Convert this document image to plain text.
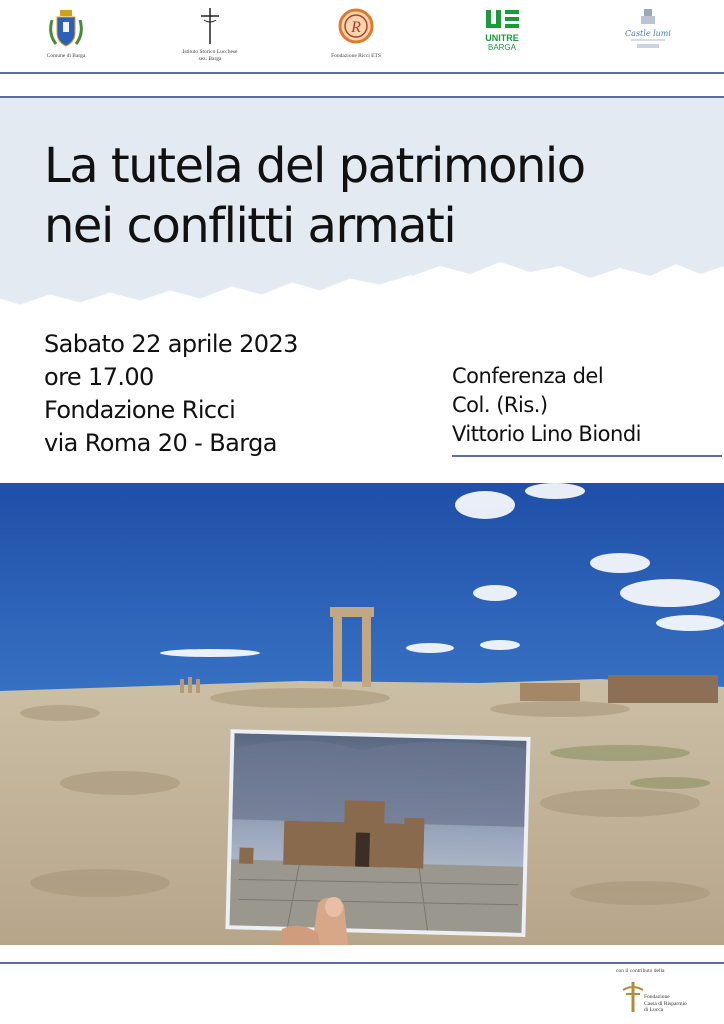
Comune di Barga
Istituto Storico Lucchese
sez. Barga
R
Fondazione Ricci ETS
UNITRE
BARGA
Castle lumi
La tutela del patrimonio
nei conflitti armati
Sabato 22 aprile 2023
ore 17.00
Fondazione Ricci
via Roma 20 - Barga
Conferenza del
Col. (Ris.)
Vittorio Lino Biondi
con il contributo della
Fondazione
Cassa di Risparmio
di Lucca
